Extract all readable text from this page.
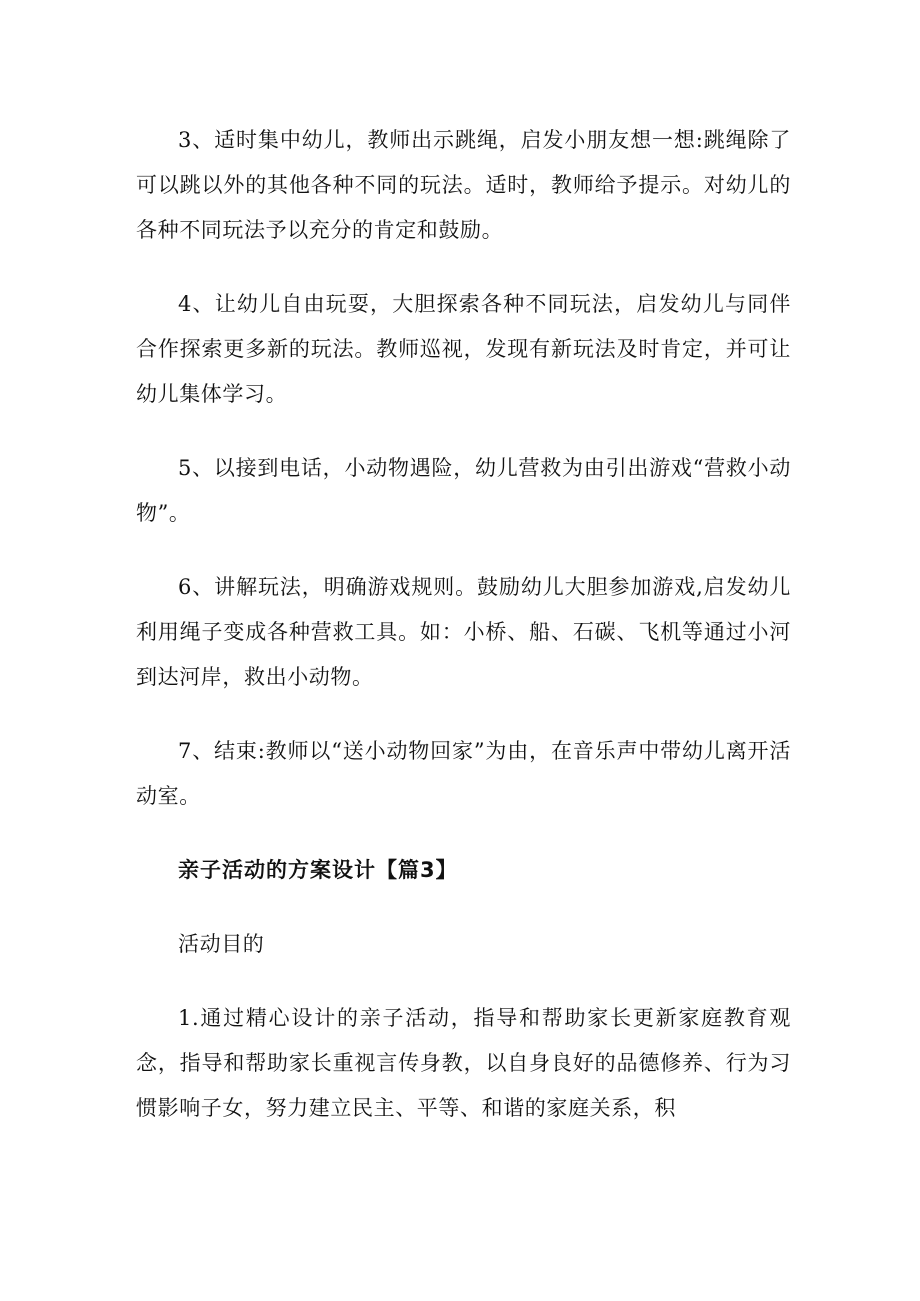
3、适时集中幼儿，教师出示跳绳，启发小朋友想一想:跳绳除了可以跳以外的其他各种不同的玩法。适时，教师给予提示。对幼儿的各种不同玩法予以充分的肯定和鼓励。

4、让幼儿自由玩耍，大胆探索各种不同玩法，启发幼儿与同伴合作探索更多新的玩法。教师巡视，发现有新玩法及时肯定，并可让幼儿集体学习。

5、以接到电话，小动物遇险，幼儿营救为由引出游戏“营救小动物”。

6、讲解玩法，明确游戏规则。鼓励幼儿大胆参加游戏,启发幼儿利用绳子变成各种营救工具。如：小桥、船、石碳、飞机等通过小河到达河岸，救出小动物。

7、结束:教师以“送小动物回家”为由，在音乐声中带幼儿离开活动室。

亲子活动的方案设计【篇3】

活动目的

1.通过精心设计的亲子活动，指导和帮助家长更新家庭教育观念，指导和帮助家长重视言传身教，以自身良好的品德修养、行为习惯影响子女，努力建立民主、平等、和谐的家庭关系，积
